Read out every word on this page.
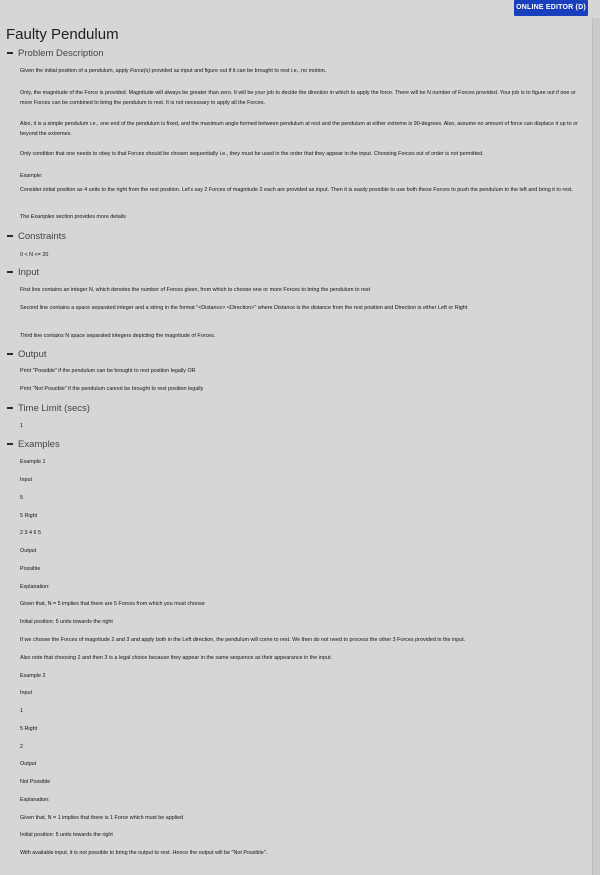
Faulty Pendulum
Problem Description

Given the initial position of a pendulum, apply Force(s) provided as input and figure out if it can be brought to rest i.e., no motion.

Only, the magnitude of the Force is provided. Magnitude will always be greater than zero. It will be your job to decide the direction in which to apply the force. There will be N number of Forces provided. Your job is to figure out if one or more Forces can be combined to bring the pendulum to rest. It is not necessary to apply all the Forces.

Also, it is a simple pendulum i.e., one end of the pendulum is fixed, and the maximum angle formed between pendulum at rest and the pendulum at either extreme is 90-degrees. Also, assume no amount of force can displace it up to or beyond the extremes.

Only condition that one needs to obey is that Forces should be chosen sequentially i.e., they must be used in the order that they appear in the input. Choosing Forces out of order is not permitted.

Example:

Consider initial position as 4 units to the right from the rest position. Let's say 2 Forces of magnitude 2 each are provided as input. Then it is easily possible to use both these Forces to push the pendulum to the left and bring it to rest.

The Examples section provides more details

Constraints

0 < N <= 20

Input

First line contains an integer N, which denotes the number of Forces given, from which to choose one or more Forces to bring the pendulum to rest

Second line contains a space separated integer and a string in the format "<Distance> <Direction>" where Distance is the distance from the rest position and Direction is either Left or Right

Third line contains N space separated integers depicting the magnitude of Forces.

Output

Print "Possible" if the pendulum can be brought to rest position legally OR

Print "Not Possible" if the pendulum cannot be brought to rest position legally

Time Limit (secs)

1

Examples

Example 1

Input

5

5 Right

2 3 4 6 5

Output

Possible

Explanation:

Given that, N = 5 implies that there are 5 Forces from which you must choose

Initial position: 5 units towards the right

If we choose the Forces of magnitude 2 and 3 and apply both in the Left direction, the pendulum will come to rest. We then do not need to process the other 3 Forces provided in the input.

Also note that choosing 2 and then 3 is a legal choice because they appear in the same sequence as their appearance in the input.

Example 2

Input

1

5 Right

2

Output

Not Possible

Explanation:

Given that, N = 1 implies that there is 1 Force which must be applied

Initial position: 5 units towards the right

With available input, it is not possible to bring the output to rest. Hence the output will be "Not Possible".

ONLINE EDITOR (D)
